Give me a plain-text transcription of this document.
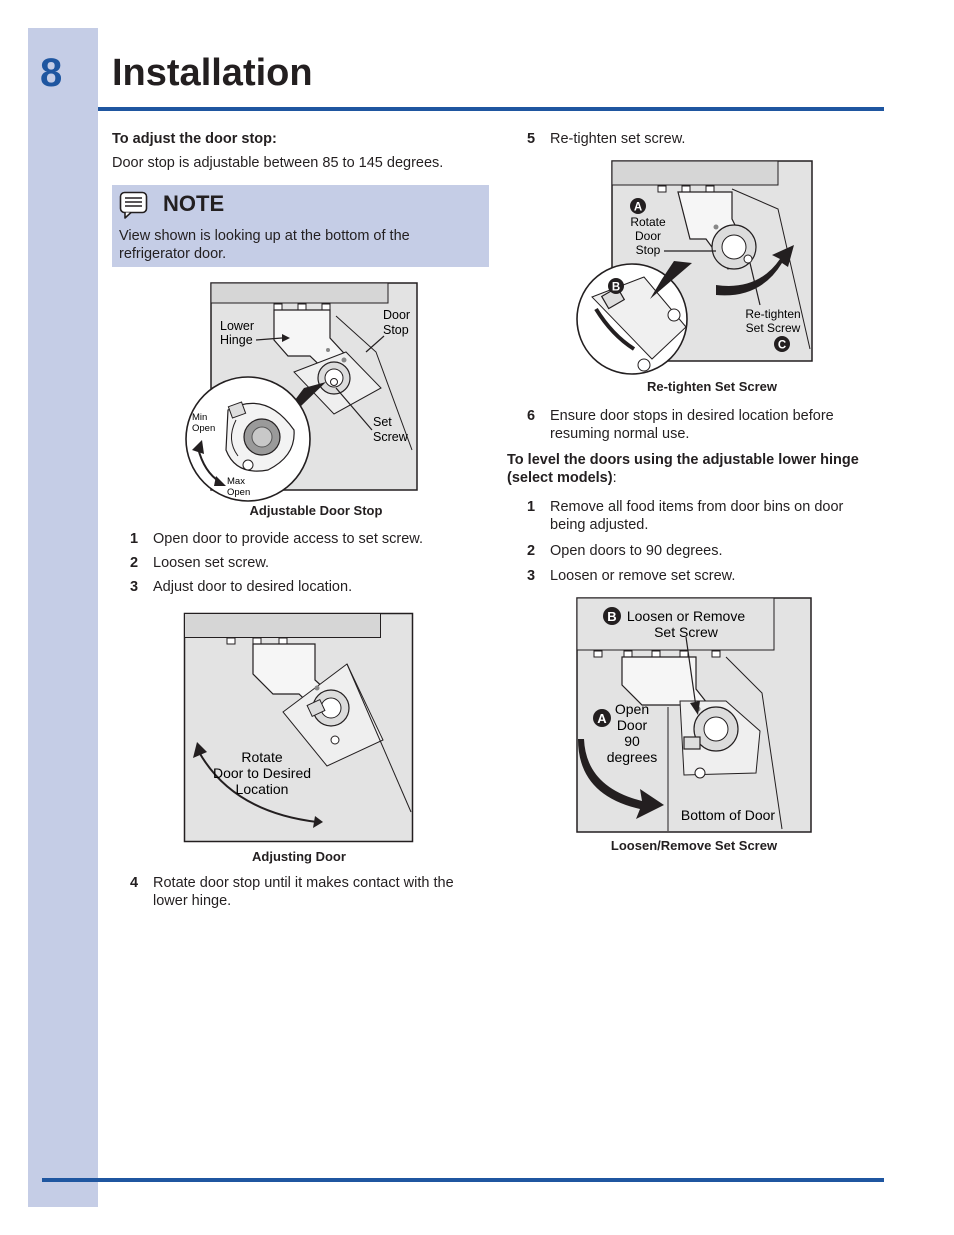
8 Installation
To adjust the door stop:
Door stop is adjustable between 85 to 145 degrees.
NOTE
View shown is looking up at the bottom of the refrigerator door.
Lower
Hinge
Door
Stop
Set
Screw
Min
Open
Max
Open
Adjustable Door Stop
1 Open door to provide access to set screw.
2 Loosen set screw.
3 Adjust door to desired location.
Rotate
Door to Desired
Location
Adjusting Door
4 Rotate door stop until it makes contact with the lower hinge.
5 Re-tighten set screw.
A
B
C
Rotate
Door
Stop
Re-tighten
Set Screw
Re-tighten Set Screw
6 Ensure door stops in desired location before resuming normal use.
To level the doors using the adjustable lower hinge (select models):
1 Remove all food items from door bins on door being adjusted.
2 Open doors to 90 degrees.
3 Loosen or remove set screw.
B
A
Loosen or Remove
Set Screw
Open
Door
90
degrees
Bottom of Door
Loosen/Remove Set Screw
